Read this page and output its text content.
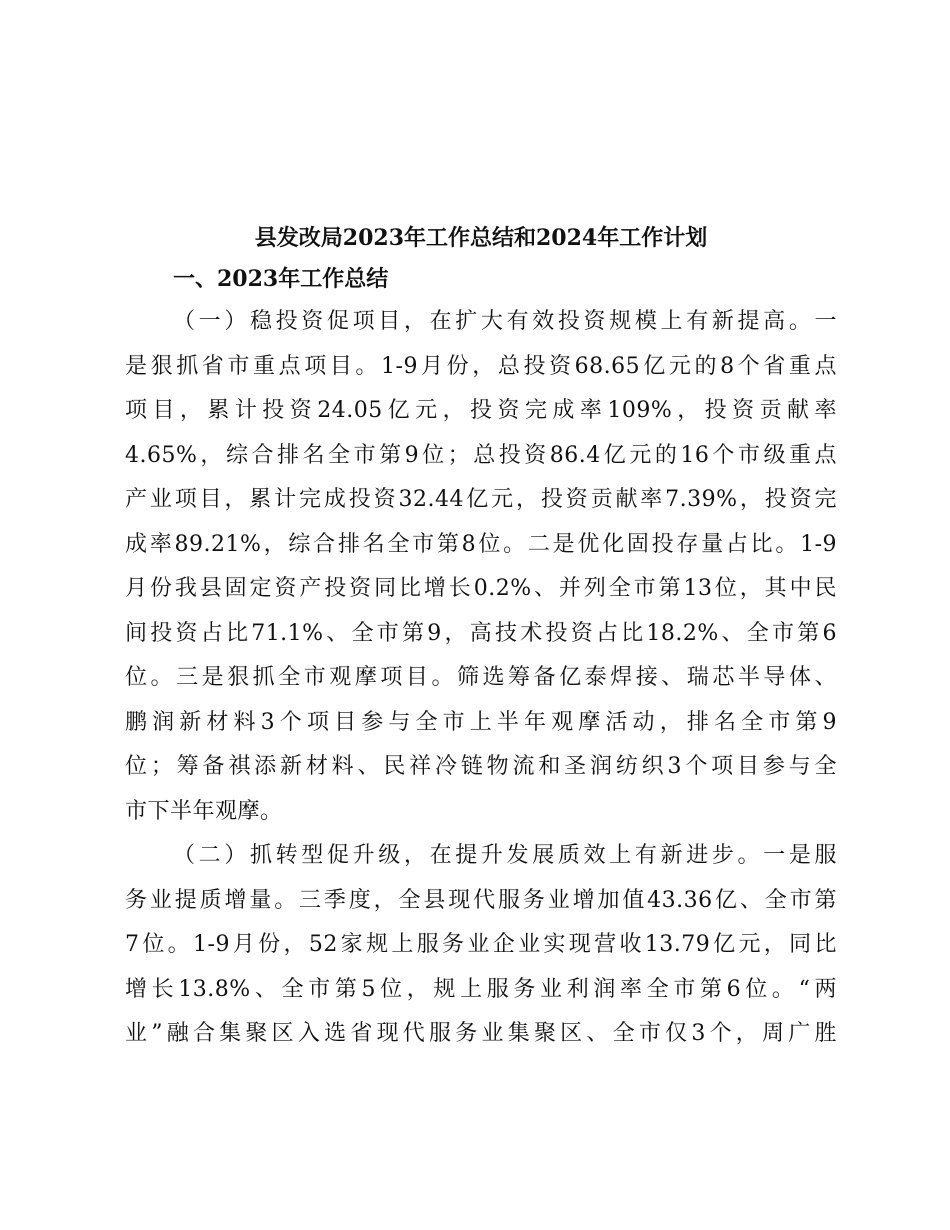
县发改局2023年工作总结和2024年工作计划
一、2023年工作总结
（一）稳投资促项目，在扩大有效投资规模上有新提高。一
是狠抓省市重点项目。1-9月份，总投资68.65亿元的8个省重点
项目，累计投资24.05亿元，投资完成率109%，投资贡献率
4.65%，综合排名全市第9位；总投资86.4亿元的16个市级重点
产业项目，累计完成投资32.44亿元，投资贡献率7.39%，投资完
成率89.21%，综合排名全市第8位。二是优化固投存量占比。1-9
月份我县固定资产投资同比增长0.2%、并列全市第13位，其中民
间投资占比71.1%、全市第9，高技术投资占比18.2%、全市第6
位。三是狠抓全市观摩项目。筛选筹备亿泰焊接、瑞芯半导体、
鹏润新材料3个项目参与全市上半年观摩活动，排名全市第9
位；筹备祺添新材料、民祥冷链物流和圣润纺织3个项目参与全
市下半年观摩。
（二）抓转型促升级，在提升发展质效上有新进步。一是服
务业提质增量。三季度，全县现代服务业增加值43.36亿、全市第
7位。1-9月份，52家规上服务业企业实现营收13.79亿元，同比
增长13.8%、全市第5位，规上服务业利润率全市第6位。“两
业”融合集聚区入选省现代服务业集聚区、全市仅3个，周广胜
